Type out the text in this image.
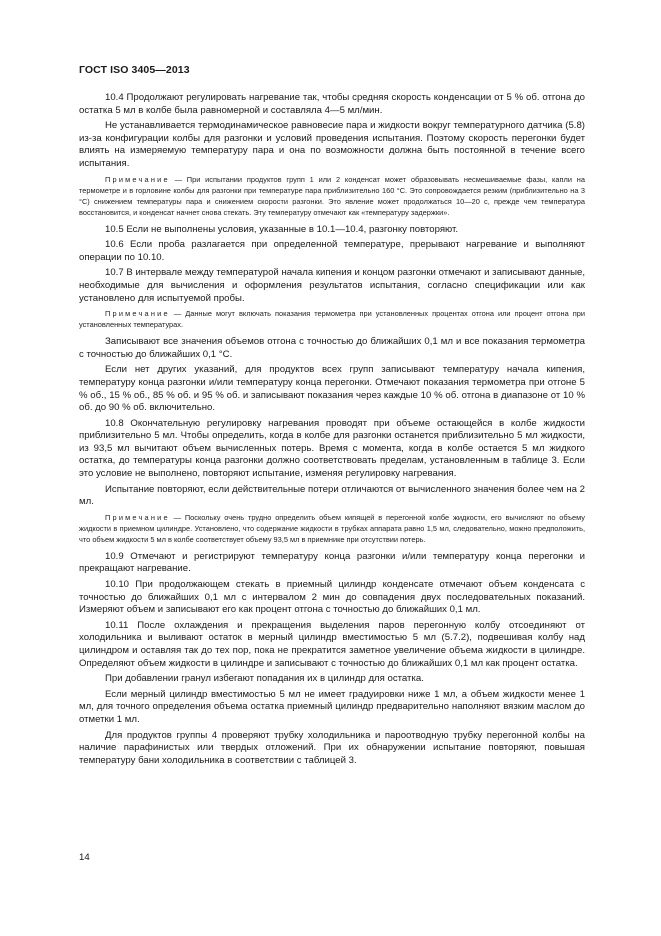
ГОСТ ISO 3405—2013

10.4 Продолжают регулировать нагревание так, чтобы средняя скорость конденсации от 5 % об. отгона до остатка 5 мл в колбе была равномерной и составляла 4—5 мл/мин.

Не устанавливается термодинамическое равновесие пара и жидкости вокруг температурного датчика (5.8) из-за конфигурации колбы для разгонки и условий проведения испытания. Поэтому скорость перегонки будет влиять на измеряемую температуру пара и она по возможности должна быть постоянной в течение всего испытания.

Примечание — При испытании продуктов групп 1 или 2 конденсат может образовывать несмешиваемые фазы, капли на термометре и в горловине колбы для разгонки при температуре пара приблизительно 160 °С. Это сопровождается резким (приблизительно на 3 °С) снижением температуры пара и снижением скорости разгонки. Это явление может продолжаться 10—20 с, прежде чем температура восстановится, и конденсат начнет снова стекать. Эту температуру отмечают как «температуру задержки».

10.5 Если не выполнены условия, указанные в 10.1—10.4, разгонку повторяют.

10.6 Если проба разлагается при определенной температуре, прерывают нагревание и выполняют операции по 10.10.

10.7 В интервале между температурой начала кипения и концом разгонки отмечают и записывают данные, необходимые для вычисления и оформления результатов испытания, согласно спецификации или как установлено для испытуемой пробы.

Примечание — Данные могут включать показания термометра при установленных процентах отгона или процент отгона при установленных температурах.

Записывают все значения объемов отгона с точностью до ближайших 0,1 мл и все показания термометра с точностью до ближайших 0,1 °С.

Если нет других указаний, для продуктов всех групп записывают температуру начала кипения, температуру конца разгонки и/или температуру конца перегонки. Отмечают показания термометра при отгоне 5 % об., 15 % об., 85 % об. и 95 % об. и записывают показания через каждые 10 % об. отгона в диапазоне от 10 % об. до 90 % об. включительно.

10.8 Окончательную регулировку нагревания проводят при объеме остающейся в колбе жидкости приблизительно 5 мл. Чтобы определить, когда в колбе для разгонки останется приблизительно 5 мл жидкости, из 93,5 мл вычитают объем вычисленных потерь. Время с момента, когда в колбе остается 5 мл жидкого остатка, до температуры конца разгонки должно соответствовать пределам, установленным в таблице 3. Если это условие не выполнено, повторяют испытание, изменяя регулировку нагревания.

Испытание повторяют, если действительные потери отличаются от вычисленного значения более чем на 2 мл.

Примечание — Поскольку очень трудно определить объем кипящей в перегонной колбе жидкости, его вычисляют по объему жидкости в приемном цилиндре. Установлено, что содержание жидкости в трубках аппарата равно 1,5 мл, следовательно, можно предположить, что объем жидкости 5 мл в колбе соответствует объему 93,5 мл в приемнике при отсутствии потерь.

10.9 Отмечают и регистрируют температуру конца разгонки и/или температуру конца перегонки и прекращают нагревание.

10.10 При продолжающем стекать в приемный цилиндр конденсате отмечают объем конденсата с точностью до ближайших 0,1 мл с интервалом 2 мин до совпадения двух последовательных показаний. Измеряют объем и записывают его как процент отгона с точностью до ближайших 0,1 мл.

10.11 После охлаждения и прекращения выделения паров перегонную колбу отсоединяют от холодильника и выливают остаток в мерный цилиндр вместимостью 5 мл (5.7.2), подвешивая колбу над цилиндром и оставляя так до тех пор, пока не прекратится заметное увеличение объема жидкости в цилиндре. Определяют объем жидкости в цилиндре и записывают с точностью до ближайших 0,1 мл как процент остатка.

При добавлении гранул избегают попадания их в цилиндр для остатка.

Если мерный цилиндр вместимостью 5 мл не имеет градуировки ниже 1 мл, а объем жидкости менее 1 мл, для точного определения объема остатка приемный цилиндр предварительно наполняют вязким маслом до отметки 1 мл.

Для продуктов группы 4 проверяют трубку холодильника и пароотводную трубку перегонной колбы на наличие парафинистых или твердых отложений. При их обнаружении испытание повторяют, повышая температуру бани холодильника в соответствии с таблицей 3.

14
